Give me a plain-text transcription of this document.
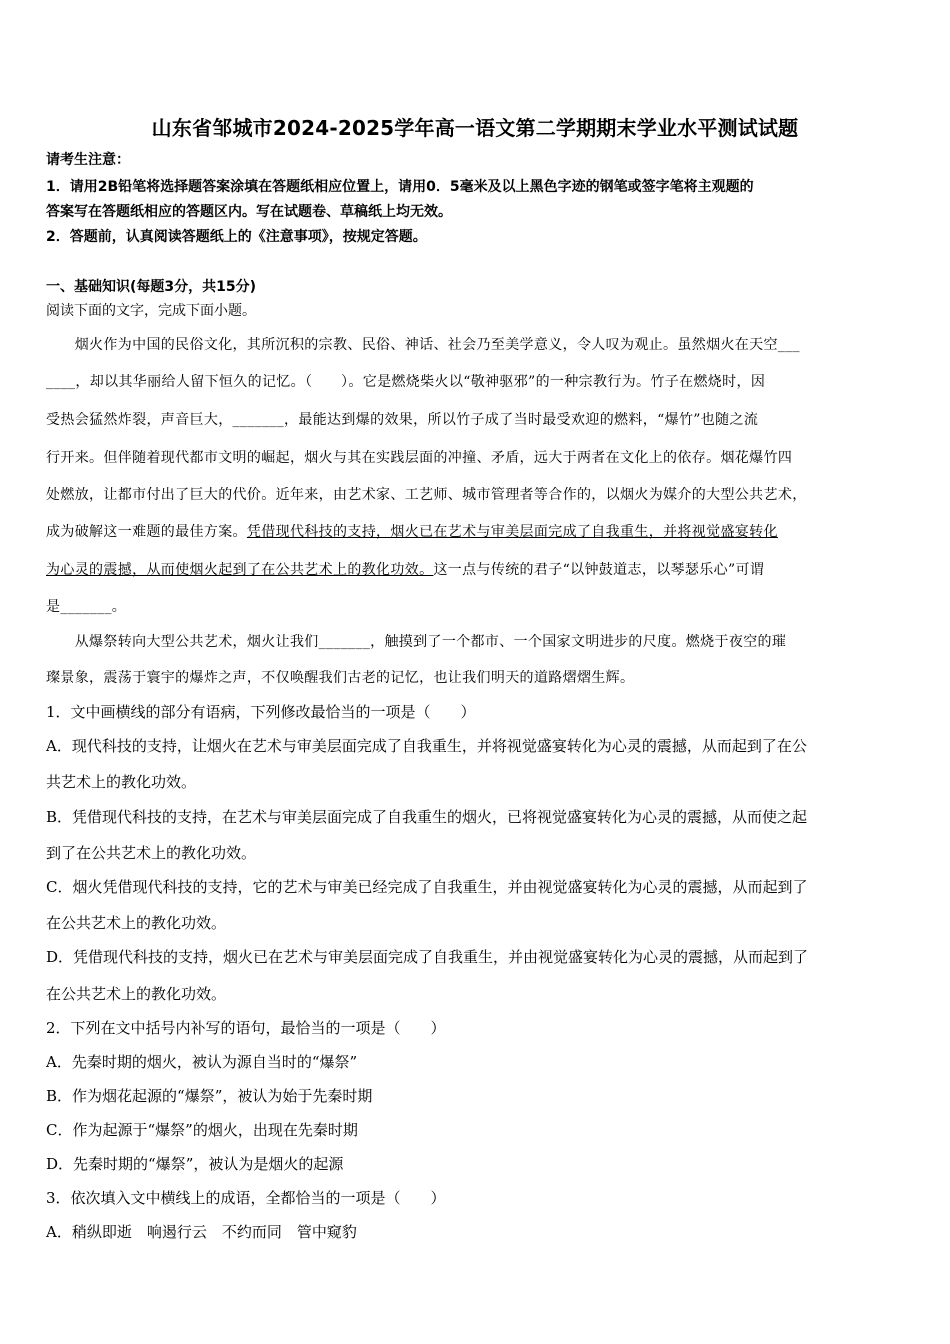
山东省邹城市2024-2025学年高一语文第二学期期末学业水平测试试题
请考生注意：
1．请用2B铅笔将选择题答案涂填在答题纸相应位置上，请用0．5毫米及以上黑色字迹的钢笔或签字笔将主观题的
答案写在答题纸相应的答题区内。写在试题卷、草稿纸上均无效。
2．答题前，认真阅读答题纸上的《注意事项》，按规定答题。
一、基础知识(每题3分，共15分)
阅读下面的文字，完成下面小题。
　　烟火作为中国的民俗文化，其所沉积的宗教、民俗、神话、社会乃至美学意义，令人叹为观止。虽然烟火在天空___
____，却以其华丽给人留下恒久的记忆。（　　）。它是燃烧柴火以“敬神驱邪”的一种宗教行为。竹子在燃烧时，因
受热会猛然炸裂，声音巨大，_______，最能达到爆的效果，所以竹子成了当时最受欢迎的燃料，“爆竹”也随之流
行开来。但伴随着现代都市文明的崛起，烟火与其在实践层面的冲撞、矛盾，远大于两者在文化上的依存。烟花爆竹四
处燃放，让都市付出了巨大的代价。近年来，由艺术家、工艺师、城市管理者等合作的，以烟火为媒介的大型公共艺术，
成为破解这一难题的最佳方案。凭借现代科技的支持，烟火已在艺术与审美层面完成了自我重生，并将视觉盛宴转化
为心灵的震撼，从而使烟火起到了在公共艺术上的教化功效。这一点与传统的君子“以钟鼓道志，以琴瑟乐心”可谓
是_______。
　　从爆祭转向大型公共艺术，烟火让我们_______，触摸到了一个都市、一个国家文明进步的尺度。燃烧于夜空的璀
璨景象，震荡于寰宇的爆炸之声，不仅唤醒我们古老的记忆，也让我们明天的道路熠熠生辉。
1．文中画横线的部分有语病，下列修改最恰当的一项是（　　）
A．现代科技的支持，让烟火在艺术与审美层面完成了自我重生，并将视觉盛宴转化为心灵的震撼，从而起到了在公
共艺术上的教化功效。
B．凭借现代科技的支持，在艺术与审美层面完成了自我重生的烟火，已将视觉盛宴转化为心灵的震撼，从而使之起
到了在公共艺术上的教化功效。
C．烟火凭借现代科技的支持，它的艺术与审美已经完成了自我重生，并由视觉盛宴转化为心灵的震撼，从而起到了
在公共艺术上的教化功效。
D．凭借现代科技的支持，烟火已在艺术与审美层面完成了自我重生，并由视觉盛宴转化为心灵的震撼，从而起到了
在公共艺术上的教化功效。
2．下列在文中括号内补写的语句，最恰当的一项是（　　）
A．先秦时期的烟火，被认为源自当时的“爆祭”
B．作为烟花起源的“爆祭”，被认为始于先秦时期
C．作为起源于“爆祭”的烟火，出现在先秦时期
D．先秦时期的“爆祭”，被认为是烟火的起源
3．依次填入文中横线上的成语，全都恰当的一项是（　　）
A．稍纵即逝　响遏行云　不约而同　管中窥豹
